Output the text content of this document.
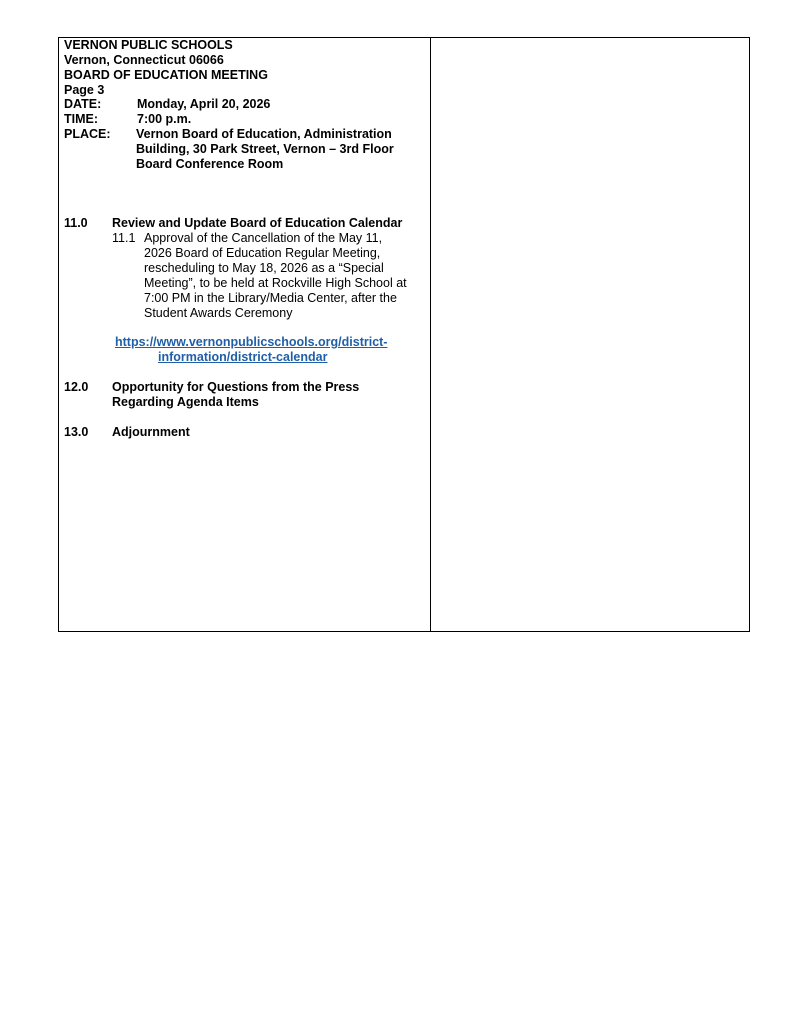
VERNON PUBLIC SCHOOLS
Vernon, Connecticut 06066
BOARD OF EDUCATION MEETING
Page 3
DATE:	Monday, April 20, 2026
TIME:	7:00 p.m.
PLACE: Vernon Board of Education, Administration
Building, 30 Park Street, Vernon – 3rd Floor
Board Conference Room
11.0 Review and Update Board of Education Calendar
11.1 Approval of the Cancellation of the May 11,
2026 Board of Education Regular Meeting,
rescheduling to May 18, 2026 as a “Special
Meeting”, to be held at Rockville High School at
7:00 PM in the Library/Media Center, after the
Student Awards Ceremony
https://www.vernonpublicschools.org/district-
information/district-calendar
12.0 Opportunity for Questions from the Press
Regarding Agenda Items
13.0 Adjournment
